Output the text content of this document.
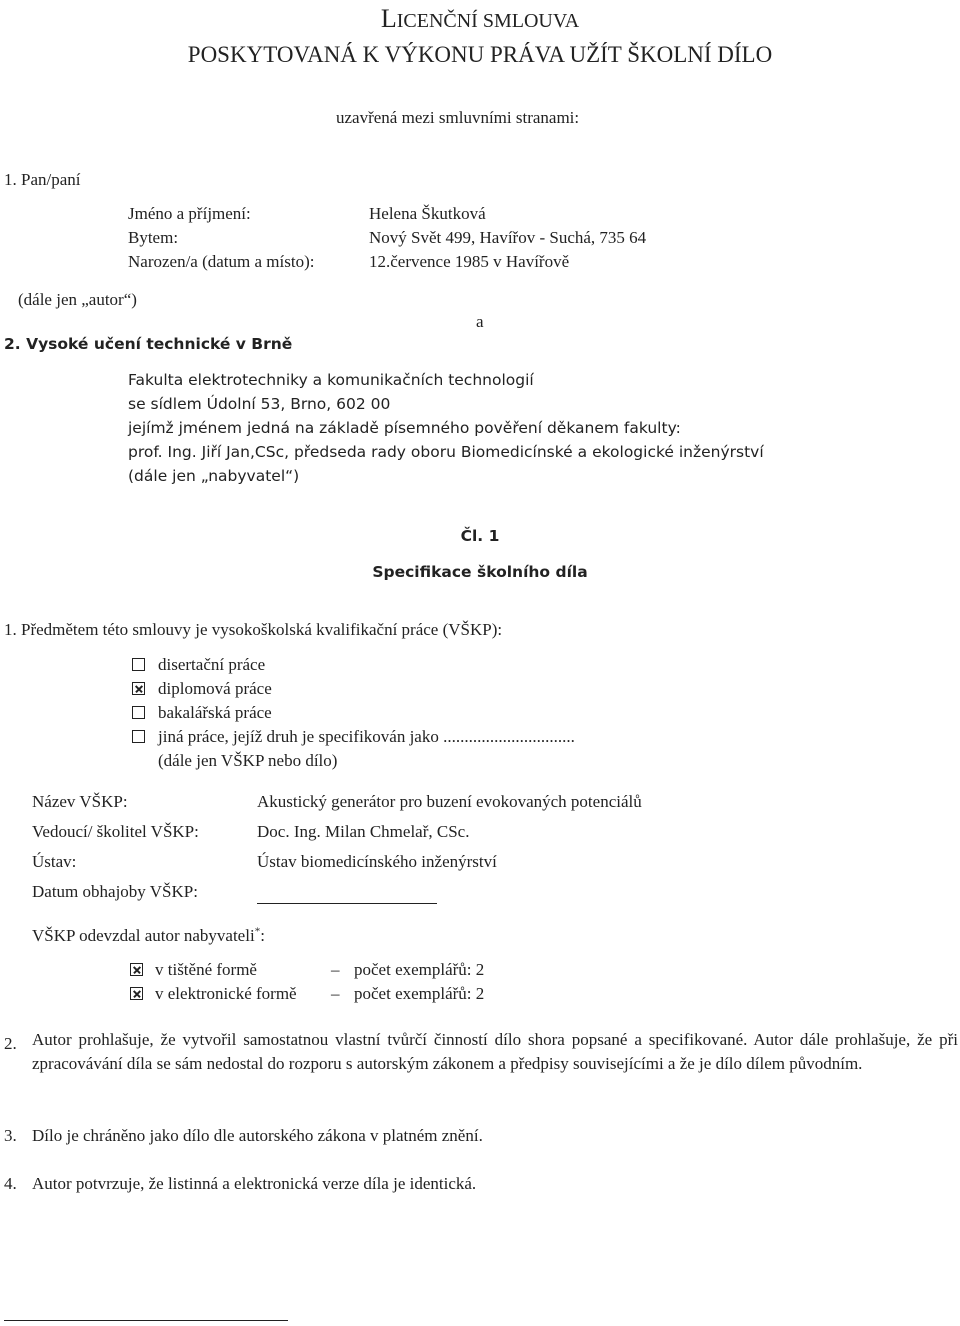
LICENČNÍ SMLOUVA
POSKYTOVANÁ K VÝKONU PRÁVA UŽÍT ŠKOLNÍ DÍLO
uzavřená mezi smluvními stranami:
1. Pan/paní
Jméno a příjmení:	Helena Škutková
Bytem:	Nový Svět 499, Havířov - Suchá, 735 64
Narozen/a (datum a místo):	12.července 1985 v Havířově
(dále jen „autor“)
a
2. Vysoké učení technické v Brně
Fakulta elektrotechniky a komunikačních technologií
se sídlem Údolní 53, Brno, 602 00
jejímž jménem jedná na základě písemného pověření děkanem fakulty:
prof. Ing. Jiří Jan,CSc, předseda rady oboru Biomedicínské a ekologické inženýrství
(dále jen „nabyvatel“)
Čl. 1
Specifikace školního díla
1. Předmětem této smlouvy je vysokoškolská kvalifikační práce (VŠKP):
disertační práce
diplomová práce
bakalářská práce
jiná práce, jejíž druh je specifikován jako ...............................
(dále jen VŠKP nebo dílo)
Název VŠKP:	Akustický generátor pro buzení evokovaných potenciálů
Vedoucí/ školitel VŠKP:	Doc. Ing. Milan Chmelař, CSc.
Ústav:	Ústav biomedicínského inženýrství
Datum obhajoby VŠKP:
VŠKP odevzdal autor nabyvateli*:
v tištěné formě	– počet exemplářů: 2
v elektronické formě – počet exemplářů: 2
2. Autor prohlašuje, že vytvořil samostatnou vlastní tvůrčí činností dílo shora popsané a specifikované. Autor dále prohlašuje, že při zpracovávání díla se sám nedostal do rozporu s autorským zákonem a předpisy souvisejícími a že je dílo dílem původním.
3. Dílo je chráněno jako dílo dle autorského zákona v platném znění.
4. Autor potvrzuje, že listinná a elektronická verze díla je identická.
